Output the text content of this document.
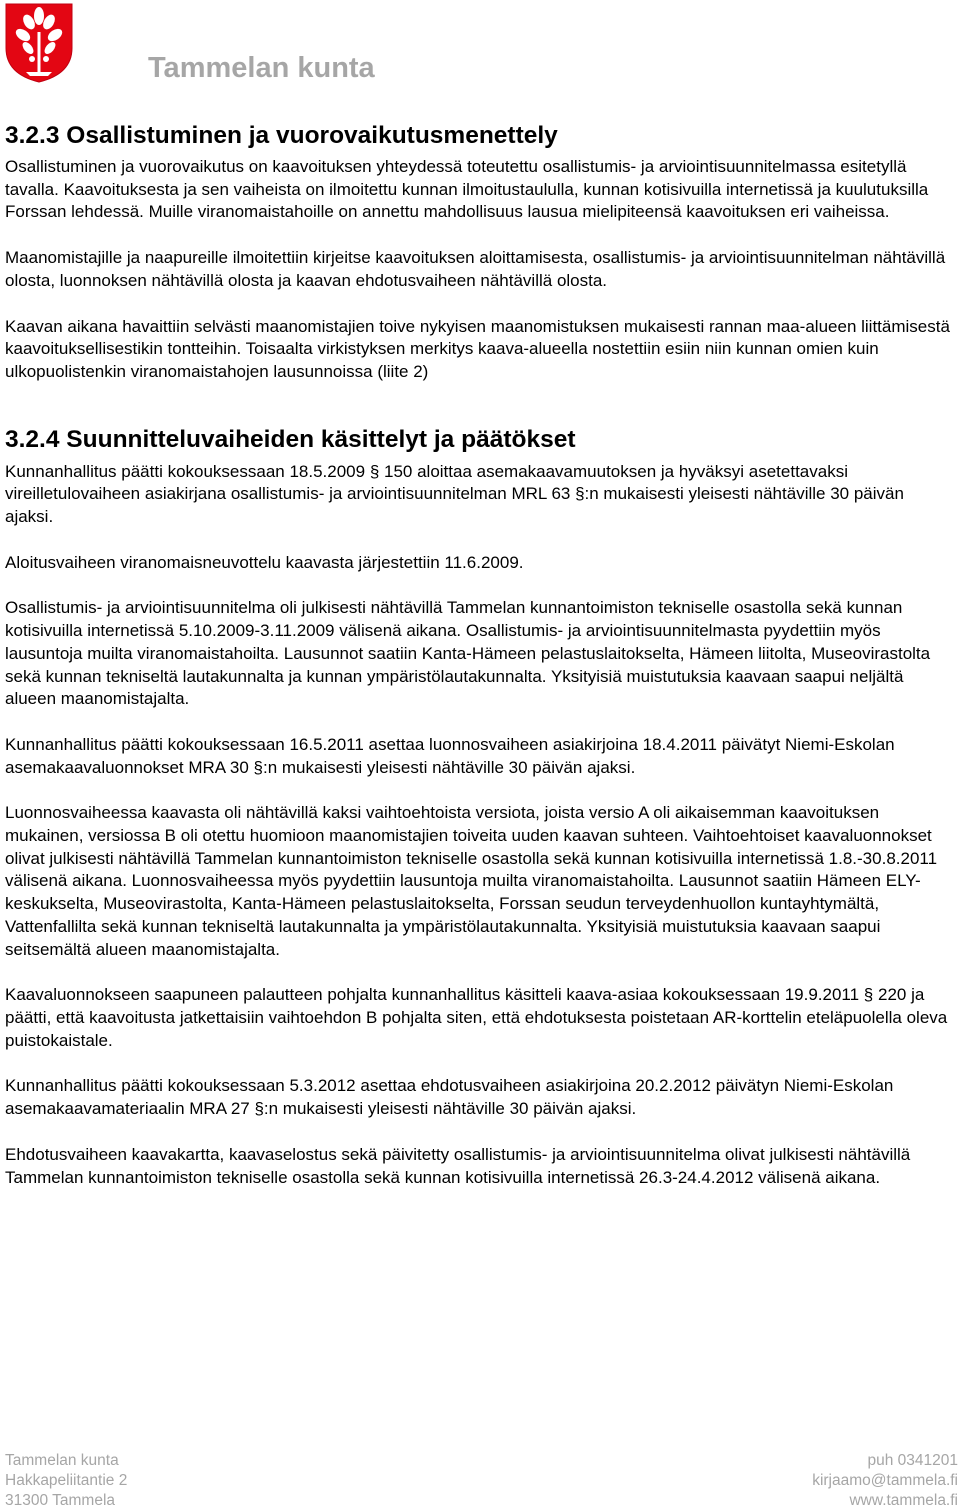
Tammelan kunta
3.2.3 Osallistuminen ja vuorovaikutusmenettely

Osallistuminen ja vuorovaikutus on kaavoituksen yhteydessä toteutettu osallistumis- ja arviointisuunnitelmassa esitetyllä tavalla. Kaavoituksesta ja sen vaiheista on ilmoitettu kunnan ilmoitustaululla, kunnan kotisivuilla internetissä ja kuulutuksilla Forssan lehdessä. Muille viranomaistahoille on annettu mahdollisuus lausua mielipiteensä kaavoituksen eri vaiheissa.

Maanomistajille ja naapureille ilmoitettiin kirjeitse kaavoituksen aloittamisesta, osallistumis- ja arviointisuunnitelman nähtävillä olosta, luonnoksen nähtävillä olosta ja kaavan ehdotusvaiheen nähtävillä olosta.

Kaavan aikana havaittiin selvästi maanomistajien toive nykyisen maanomistuksen mukaisesti rannan maa-alueen liittämisestä kaavoituksellisestikin tontteihin. Toisaalta virkistyksen merkitys kaava-alueella nostettiin esiin niin kunnan omien kuin ulkopuolistenkin viranomaistahojen lausunnoissa (liite 2)

3.2.4 Suunnitteluvaiheiden käsittelyt ja päätökset

Kunnanhallitus päätti kokouksessaan 18.5.2009 § 150 aloittaa asemakaavamuutoksen ja hyväksyi asetettavaksi vireilletulovaiheen asiakirjana osallistumis- ja arviointisuunnitelman MRL 63 §:n mukaisesti yleisesti nähtäville 30 päivän ajaksi.

Aloitusvaiheen viranomaisneuvottelu kaavasta järjestettiin 11.6.2009.

Osallistumis- ja arviointisuunnitelma oli julkisesti nähtävillä Tammelan kunnantoimiston tekniselle osastolla sekä kunnan kotisivuilla internetissä 5.10.2009-3.11.2009 välisenä aikana. Osallistumis- ja arviointisuunnitelmasta pyydettiin myös lausuntoja muilta viranomaistahoilta. Lausunnot saatiin Kanta-Hämeen pelastuslaitokselta, Hämeen liitolta, Museovirastolta sekä kunnan tekniseltä lautakunnalta ja kunnan ympäristölautakunnalta. Yksityisiä muistutuksia kaavaan saapui neljältä alueen maanomistajalta.

Kunnanhallitus päätti kokouksessaan 16.5.2011 asettaa luonnosvaiheen asiakirjoina 18.4.2011 päivätyt Niemi-Eskolan asemakaavaluonnokset MRA 30 §:n mukaisesti yleisesti nähtäville 30 päivän ajaksi.

Luonnosvaiheessa kaavasta oli nähtävillä kaksi vaihtoehtoista versiota, joista versio A oli aikaisemman kaavoituksen mukainen, versiossa B oli otettu huomioon maanomistajien toiveita uuden kaavan suhteen. Vaihtoehtoiset kaavaluonnokset olivat julkisesti nähtävillä Tammelan kunnantoimiston tekniselle osastolla sekä kunnan kotisivuilla internetissä 1.8.-30.8.2011 välisenä aikana. Luonnosvaiheessa myös pyydettiin lausuntoja muilta viranomaistahoilta. Lausunnot saatiin Hämeen ELY-keskukselta, Museovirastolta, Kanta-Hämeen pelastuslaitokselta, Forssan seudun terveydenhuollon kuntayhtymältä, Vattenfallilta sekä kunnan tekniseltä lautakunnalta ja ympäristölautakunnalta. Yksityisiä muistutuksia kaavaan saapui seitsemältä alueen maanomistajalta.

Kaavaluonnokseen saapuneen palautteen pohjalta kunnanhallitus käsitteli kaava-asiaa kokouksessaan 19.9.2011 § 220 ja päätti, että kaavoitusta jatkettaisiin vaihtoehdon B pohjalta siten, että ehdotuksesta poistetaan AR-korttelin eteläpuolella oleva puistokaistale.

Kunnanhallitus päätti kokouksessaan 5.3.2012 asettaa ehdotusvaiheen asiakirjoina 20.2.2012 päivätyn Niemi-Eskolan asemakaavamateriaalin MRA 27 §:n mukaisesti yleisesti nähtäville 30 päivän ajaksi.

Ehdotusvaiheen kaavakartta, kaavaselostus sekä päivitetty osallistumis- ja arviointisuunnitelma olivat julkisesti nähtävillä Tammelan kunnantoimiston tekniselle osastolla sekä kunnan kotisivuilla internetissä 26.3-24.4.2012 välisenä aikana.

Tammelan kunta
Hakkapeliitantie 2
31300 Tammela
puh 0341201
kirjaamo@tammela.fi
www.tammela.fi
